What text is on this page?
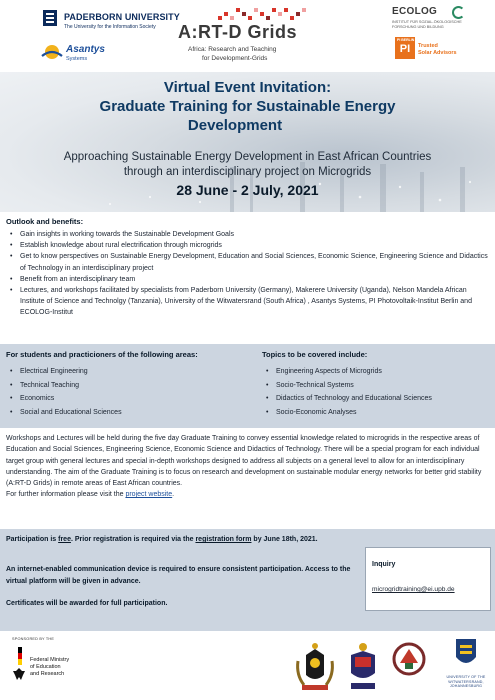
PADERBORN UNIVERSITY
The University for the Information Society
Asantys
Systems
A:RT-D Grids
Africa: Research and Teaching
for Development-Grids
ECOLOG
INSTITUT FÜR SOZIAL-ÖKOLOGISCHE FORSCHUNG UND BILDUNG
PI BERLIN
PI	Trusted
Solar Advisors
Virtual Event Invitation:
Graduate Training for Sustainable Energy
Development
Approaching Sustainable Energy Development in East African Countries
through an interdisciplinary project on Microgrids
28 June - 2 July, 2021
Outlook and benefits:
• Gain insights in working towards the Sustainable Development Goals
• Establish knowledge about rural electrification through microgrids
• Get to know perspectives on Sustainable Energy Development, Education and Social Sciences, Economic Science, Engineering Science and Didactics of Technology in an interdisciplinary project
• Benefit from an interdisciplinary team
• Lectures, and workshops facilitated by specialists from Paderborn University (Germany), Makerere University (Uganda), Nelson Mandela African Institute of Science and Technolgy (Tanzania), University of the Witwatersrand (South Africa) , Asantys Systems, PI Photovoltaik-Institut Berlin and ECOLOG-Institut
For students and practicioners of the following areas:
• Electrical Engineering
• Technical Teaching
• Economics
• Social and Educational Sciences
Topics to be covered include:
• Engineering Aspects of Microgrids
• Socio-Technical Systems
• Didactics of Technology and Educational Sciences
• Socio-Economic Analyses

Workshops and Lectures will be held during the five day Graduate Training to convey essential knowledge related to microgrids in the respective areas of Education and Social Sciences, Engineering Science, Economic Science and Didactics of Technology. There will be a special program for each individual target group with general lectures and special in-depth workshops designed to address all subjects on a general level to allow for an interdisciplinary understanding. The aim of the Graduate Training is to focus on research and development on sustainable modular energy networks for better grid stability (A:RT-D Grids) in remote areas of East African countries.
For further information please visit the project website.

Participation is free. Prior registration is required via the registration form by June 18th, 2021.
An internet-enabled communication device is required to ensure consistent participation. Access to the virtual platform will be given in advance.
Certificates will be awarded for full participation.
Inquiry
microgridtraining@ei.upb.de
SPONSORED BY THE
Federal Ministry
of Education
and Research
UNIVERSITY OF THE
WITWATERSRAND,
JOHANNESBURG
